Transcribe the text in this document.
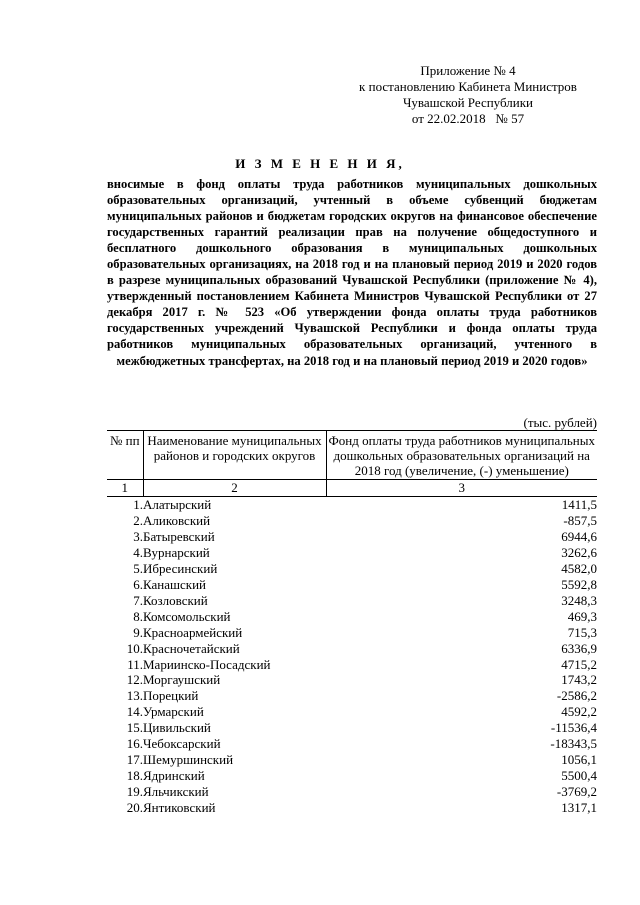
Приложение № 4
к постановлению Кабинета Министров
Чувашской Республики
от 22.02.2018   № 57
И З М Е Н Е Н И Я,
вносимые в фонд оплаты труда работников муниципальных дошкольных образовательных организаций, учтенный в объеме субвенций бюджетам муниципальных районов и бюджетам городских округов на финансовое обеспечение государственных гарантий реализации прав на получение общедоступного и бесплатного дошкольного образования в муниципальных дошкольных образовательных организациях, на 2018 год и на плановый период 2019 и 2020 годов в разрезе муниципальных образований Чувашской Республики (приложение № 4), утвержденный постановлением Кабинета Министров Чувашской Республики от 27 декабря 2017 г. № 523 «Об утверждении фонда оплаты труда работников государственных учреждений Чувашской Республики и фонда оплаты труда работников муниципальных образовательных организаций, учтенного в межбюджетных трансфертах, на 2018 год и на плановый период 2019 и 2020 годов»
(тыс. рублей)
№ пп	Наименование муниципальных районов и городских округов	Фонд оплаты труда работников муниципальных дошкольных образовательных организаций на 2018 год (увеличение, (-) уменьшение)
1	2	3
1.	Алатырский	1411,5
2.	Аликовский	-857,5
3.	Батыревский	6944,6
4.	Вурнарский	3262,6
5.	Ибресинский	4582,0
6.	Канашский	5592,8
7.	Козловский	3248,3
8.	Комсомольский	469,3
9.	Красноармейский	715,3
10.	Красночетайский	6336,9
11.	Мариинско-Посадский	4715,2
12.	Моргаушский	1743,2
13.	Порецкий	-2586,2
14.	Урмарский	4592,2
15.	Цивильский	-11536,4
16.	Чебоксарский	-18343,5
17.	Шемуршинский	1056,1
18.	Ядринский	5500,4
19.	Яльчикский	-3769,2
20.	Янтиковский	1317,1
